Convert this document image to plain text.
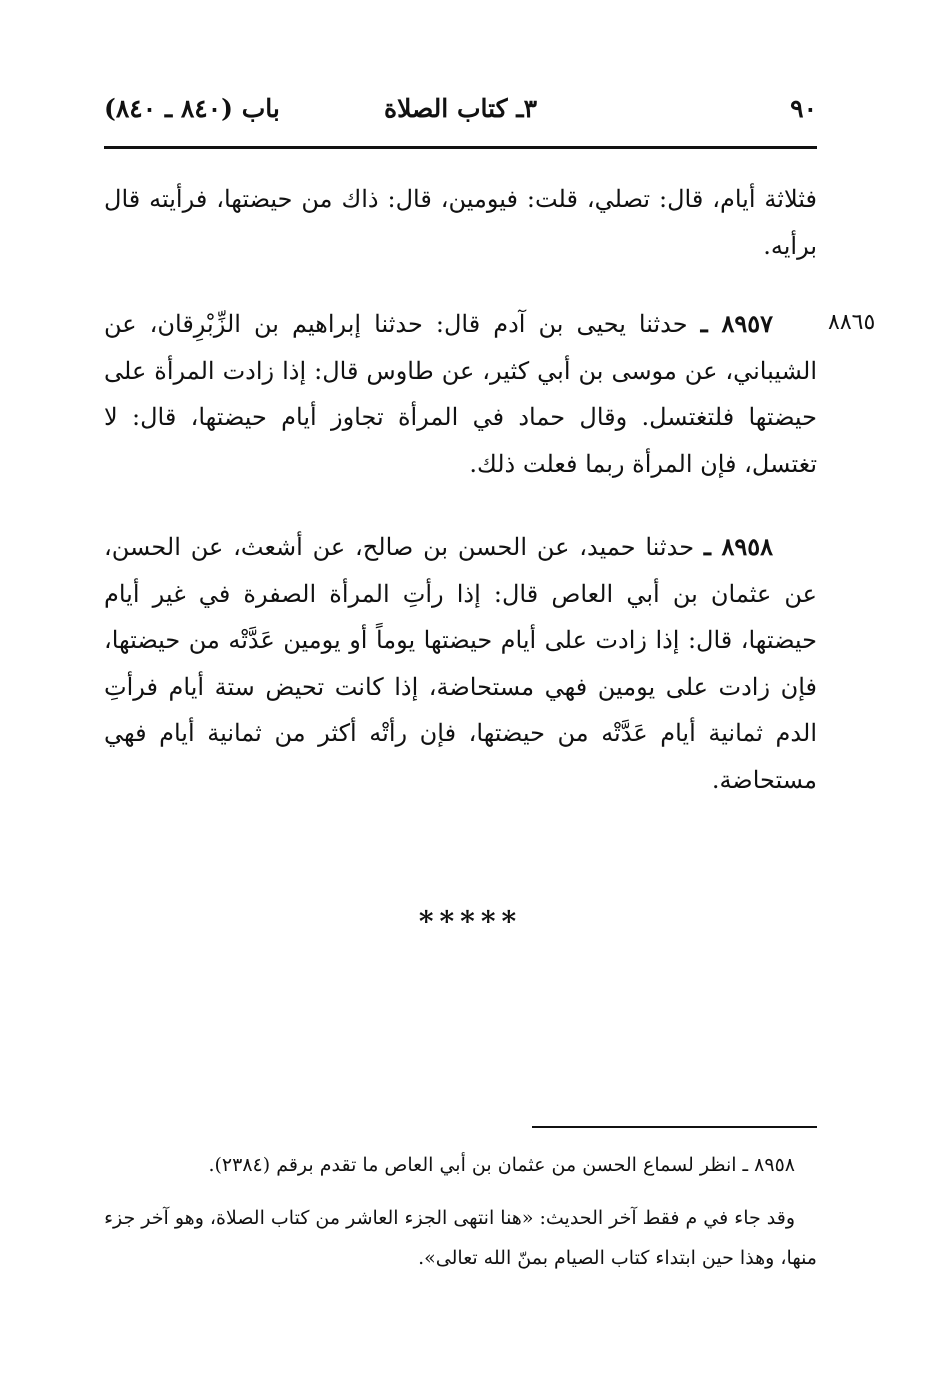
٩٠
٣ـ كتاب الصلاة
باب (٨٤٠ ـ ٨٤٠)

فثلاثة أيام، قال: تصلي، قلت: فيومين، قال: ذاك من حيضتها، فرأيته قال برأيه.

٨٨٦٥

٨٩٥٧ ـ حدثنا يحيى بن آدم قال: حدثنا إبراهيم بن الزِّبْرِقان، عن الشيباني، عن موسى بن أبي كثير، عن طاوس قال: إذا زادت المرأة على حيضتها فلتغتسل. وقال حماد في المرأة تجاوز أيام حيضتها، قال: لا تغتسل، فإن المرأة ربما فعلت ذلك.

٨٩٥٨ ـ حدثنا حميد، عن الحسن بن صالح، عن أشعث، عن الحسن، عن عثمان بن أبي العاص قال: إذا رأتِ المرأة الصفرة في غير أيام حيضتها، قال: إذا زادت على أيام حيضتها يوماً أو يومين عَدَّتْه من حيضتها، فإن زادت على يومين فهي مستحاضة، إذا كانت تحيض ستة أيام فرأتِ الدم ثمانية أيام عَدَّتْه من حيضتها، فإن رأتْه أكثر من ثمانية أيام فهي مستحاضة.

*****

٨٩٥٨ ـ انظر لسماع الحسن من عثمان بن أبي العاص ما تقدم برقم (٢٣٨٤).

وقد جاء في م فقط آخر الحديث: «هنا انتهى الجزء العاشر من كتاب الصلاة، وهو آخر جزء منها، وهذا حين ابتداء كتاب الصيام بمنّ الله تعالى».
